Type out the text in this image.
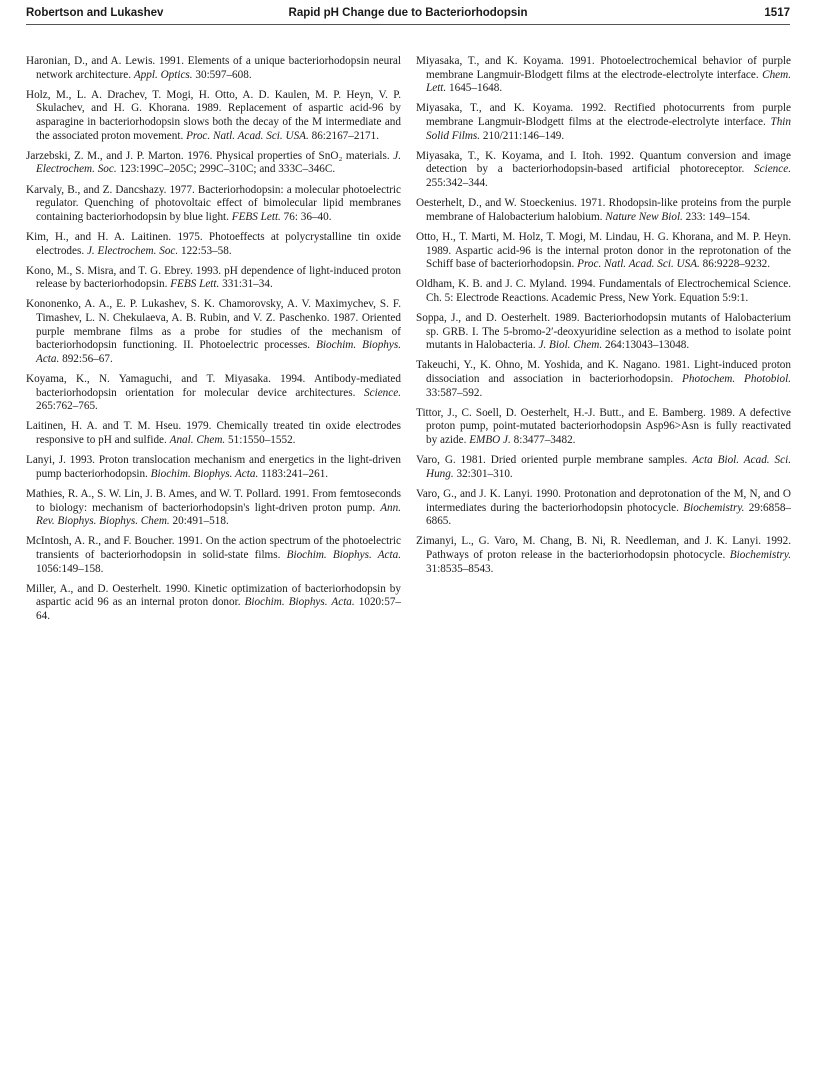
Robertson and Lukashev	Rapid pH Change due to Bacteriorhodopsin	1517

Haronian, D., and A. Lewis. 1991. Elements of a unique bacteriorhodopsin neural network architecture. Appl. Optics. 30:597–608.

Holz, M., L. A. Drachev, T. Mogi, H. Otto, A. D. Kaulen, M. P. Heyn, V. P. Skulachev, and H. G. Khorana. 1989. Replacement of aspartic acid-96 by asparagine in bacteriorhodopsin slows both the decay of the M intermediate and the associated proton movement. Proc. Natl. Acad. Sci. USA. 86:2167–2171.

Jarzebski, Z. M., and J. P. Marton. 1976. Physical properties of SnO₂ materials. J. Electrochem. Soc. 123:199C–205C; 299C–310C; and 333C–346C.

Karvaly, B., and Z. Dancshazy. 1977. Bacteriorhodopsin: a molecular photoelectric regulator. Quenching of photovoltaic effect of bimolecular lipid membranes containing bacteriorhodopsin by blue light. FEBS Lett. 76: 36–40.

Kim, H., and H. A. Laitinen. 1975. Photoeffects at polycrystalline tin oxide electrodes. J. Electrochem. Soc. 122:53–58.

Kono, M., S. Misra, and T. G. Ebrey. 1993. pH dependence of light-induced proton release by bacteriorhodopsin. FEBS Lett. 331:31–34.

Kononenko, A. A., E. P. Lukashev, S. K. Chamorovsky, A. V. Maximychev, S. F. Timashev, L. N. Chekulaeva, A. B. Rubin, and V. Z. Paschenko. 1987. Oriented purple membrane films as a probe for studies of the mechanism of bacteriorhodopsin functioning. II. Photoelectric processes. Biochim. Biophys. Acta. 892:56–67.

Koyama, K., N. Yamaguchi, and T. Miyasaka. 1994. Antibody-mediated bacteriorhodopsin orientation for molecular device architectures. Science. 265:762–765.

Laitinen, H. A. and T. M. Hseu. 1979. Chemically treated tin oxide electrodes responsive to pH and sulfide. Anal. Chem. 51:1550–1552.

Lanyi, J. 1993. Proton translocation mechanism and energetics in the light-driven pump bacteriorhodopsin. Biochim. Biophys. Acta. 1183:241–261.

Mathies, R. A., S. W. Lin, J. B. Ames, and W. T. Pollard. 1991. From femtoseconds to biology: mechanism of bacteriorhodopsin's light-driven proton pump. Ann. Rev. Biophys. Biophys. Chem. 20:491–518.

McIntosh, A. R., and F. Boucher. 1991. On the action spectrum of the photoelectric transients of bacteriorhodopsin in solid-state films. Biochim. Biophys. Acta. 1056:149–158.

Miller, A., and D. Oesterhelt. 1990. Kinetic optimization of bacteriorhodopsin by aspartic acid 96 as an internal proton donor. Biochim. Biophys. Acta. 1020:57–64.

Miyasaka, T., and K. Koyama. 1991. Photoelectrochemical behavior of purple membrane Langmuir-Blodgett films at the electrode-electrolyte interface. Chem. Lett. 1645–1648.

Miyasaka, T., and K. Koyama. 1992. Rectified photocurrents from purple membrane Langmuir-Blodgett films at the electrode-electrolyte interface. Thin Solid Films. 210/211:146–149.

Miyasaka, T., K. Koyama, and I. Itoh. 1992. Quantum conversion and image detection by a bacteriorhodopsin-based artificial photoreceptor. Science. 255:342–344.

Oesterhelt, D., and W. Stoeckenius. 1971. Rhodopsin-like proteins from the purple membrane of Halobacterium halobium. Nature New Biol. 233: 149–154.

Otto, H., T. Marti, M. Holz, T. Mogi, M. Lindau, H. G. Khorana, and M. P. Heyn. 1989. Aspartic acid-96 is the internal proton donor in the reprotonation of the Schiff base of bacteriorhodopsin. Proc. Natl. Acad. Sci. USA. 86:9228–9232.

Oldham, K. B. and J. C. Myland. 1994. Fundamentals of Electrochemical Science. Ch. 5: Electrode Reactions. Academic Press, New York. Equation 5:9:1.

Soppa, J., and D. Oesterhelt. 1989. Bacteriorhodopsin mutants of Halobacterium sp. GRB. I. The 5-bromo-2′-deoxyuridine selection as a method to isolate point mutants in Halobacteria. J. Biol. Chem. 264:13043–13048.

Takeuchi, Y., K. Ohno, M. Yoshida, and K. Nagano. 1981. Light-induced proton dissociation and association in bacteriorhodopsin. Photochem. Photobiol. 33:587–592.

Tittor, J., C. Soell, D. Oesterhelt, H.-J. Butt., and E. Bamberg. 1989. A defective proton pump, point-mutated bacteriorhodopsin Asp96>Asn is fully reactivated by azide. EMBO J. 8:3477–3482.

Varo, G. 1981. Dried oriented purple membrane samples. Acta Biol. Acad. Sci. Hung. 32:301–310.

Varo, G., and J. K. Lanyi. 1990. Protonation and deprotonation of the M, N, and O intermediates during the bacteriorhodopsin photocycle. Biochemistry. 29:6858–6865.

Zimanyi, L., G. Varo, M. Chang, B. Ni, R. Needleman, and J. K. Lanyi. 1992. Pathways of proton release in the bacteriorhodopsin photocycle. Biochemistry. 31:8535–8543.
